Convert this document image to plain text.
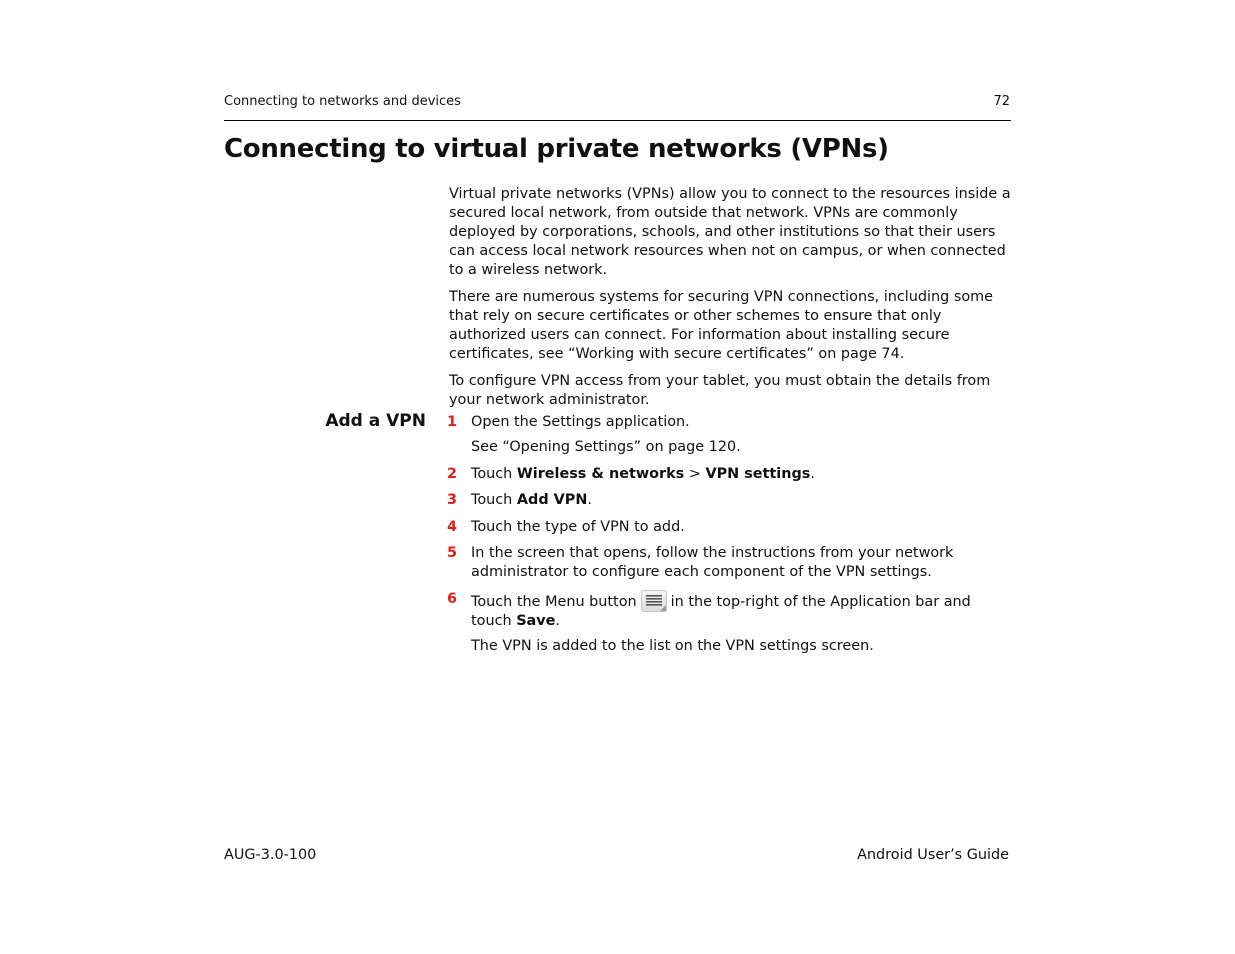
Connecting to networks and devices	72
Connecting to virtual private networks (VPNs)

Virtual private networks (VPNs) allow you to connect to the resources inside a secured local network, from outside that network. VPNs are commonly deployed by corporations, schools, and other institutions so that their users can access local network resources when not on campus, or when connected to a wireless network.

There are numerous systems for securing VPN connections, including some that rely on secure certificates or other schemes to ensure that only authorized users can connect. For information about installing secure certificates, see “Working with secure certificates” on page 74.

To configure VPN access from your tablet, you must obtain the details from your network administrator.

Add a VPN 1 Open the Settings application.
See “Opening Settings” on page 120.
2 Touch Wireless & networks > VPN settings.
3 Touch Add VPN.
4 Touch the type of VPN to add.
5 In the screen that opens, follow the instructions from your network administrator to configure each component of the VPN settings.
6 Touch the Menu button in the top-right of the Application bar and touch Save.
The VPN is added to the list on the VPN settings screen.
AUG-3.0-100	Android User’s Guide
